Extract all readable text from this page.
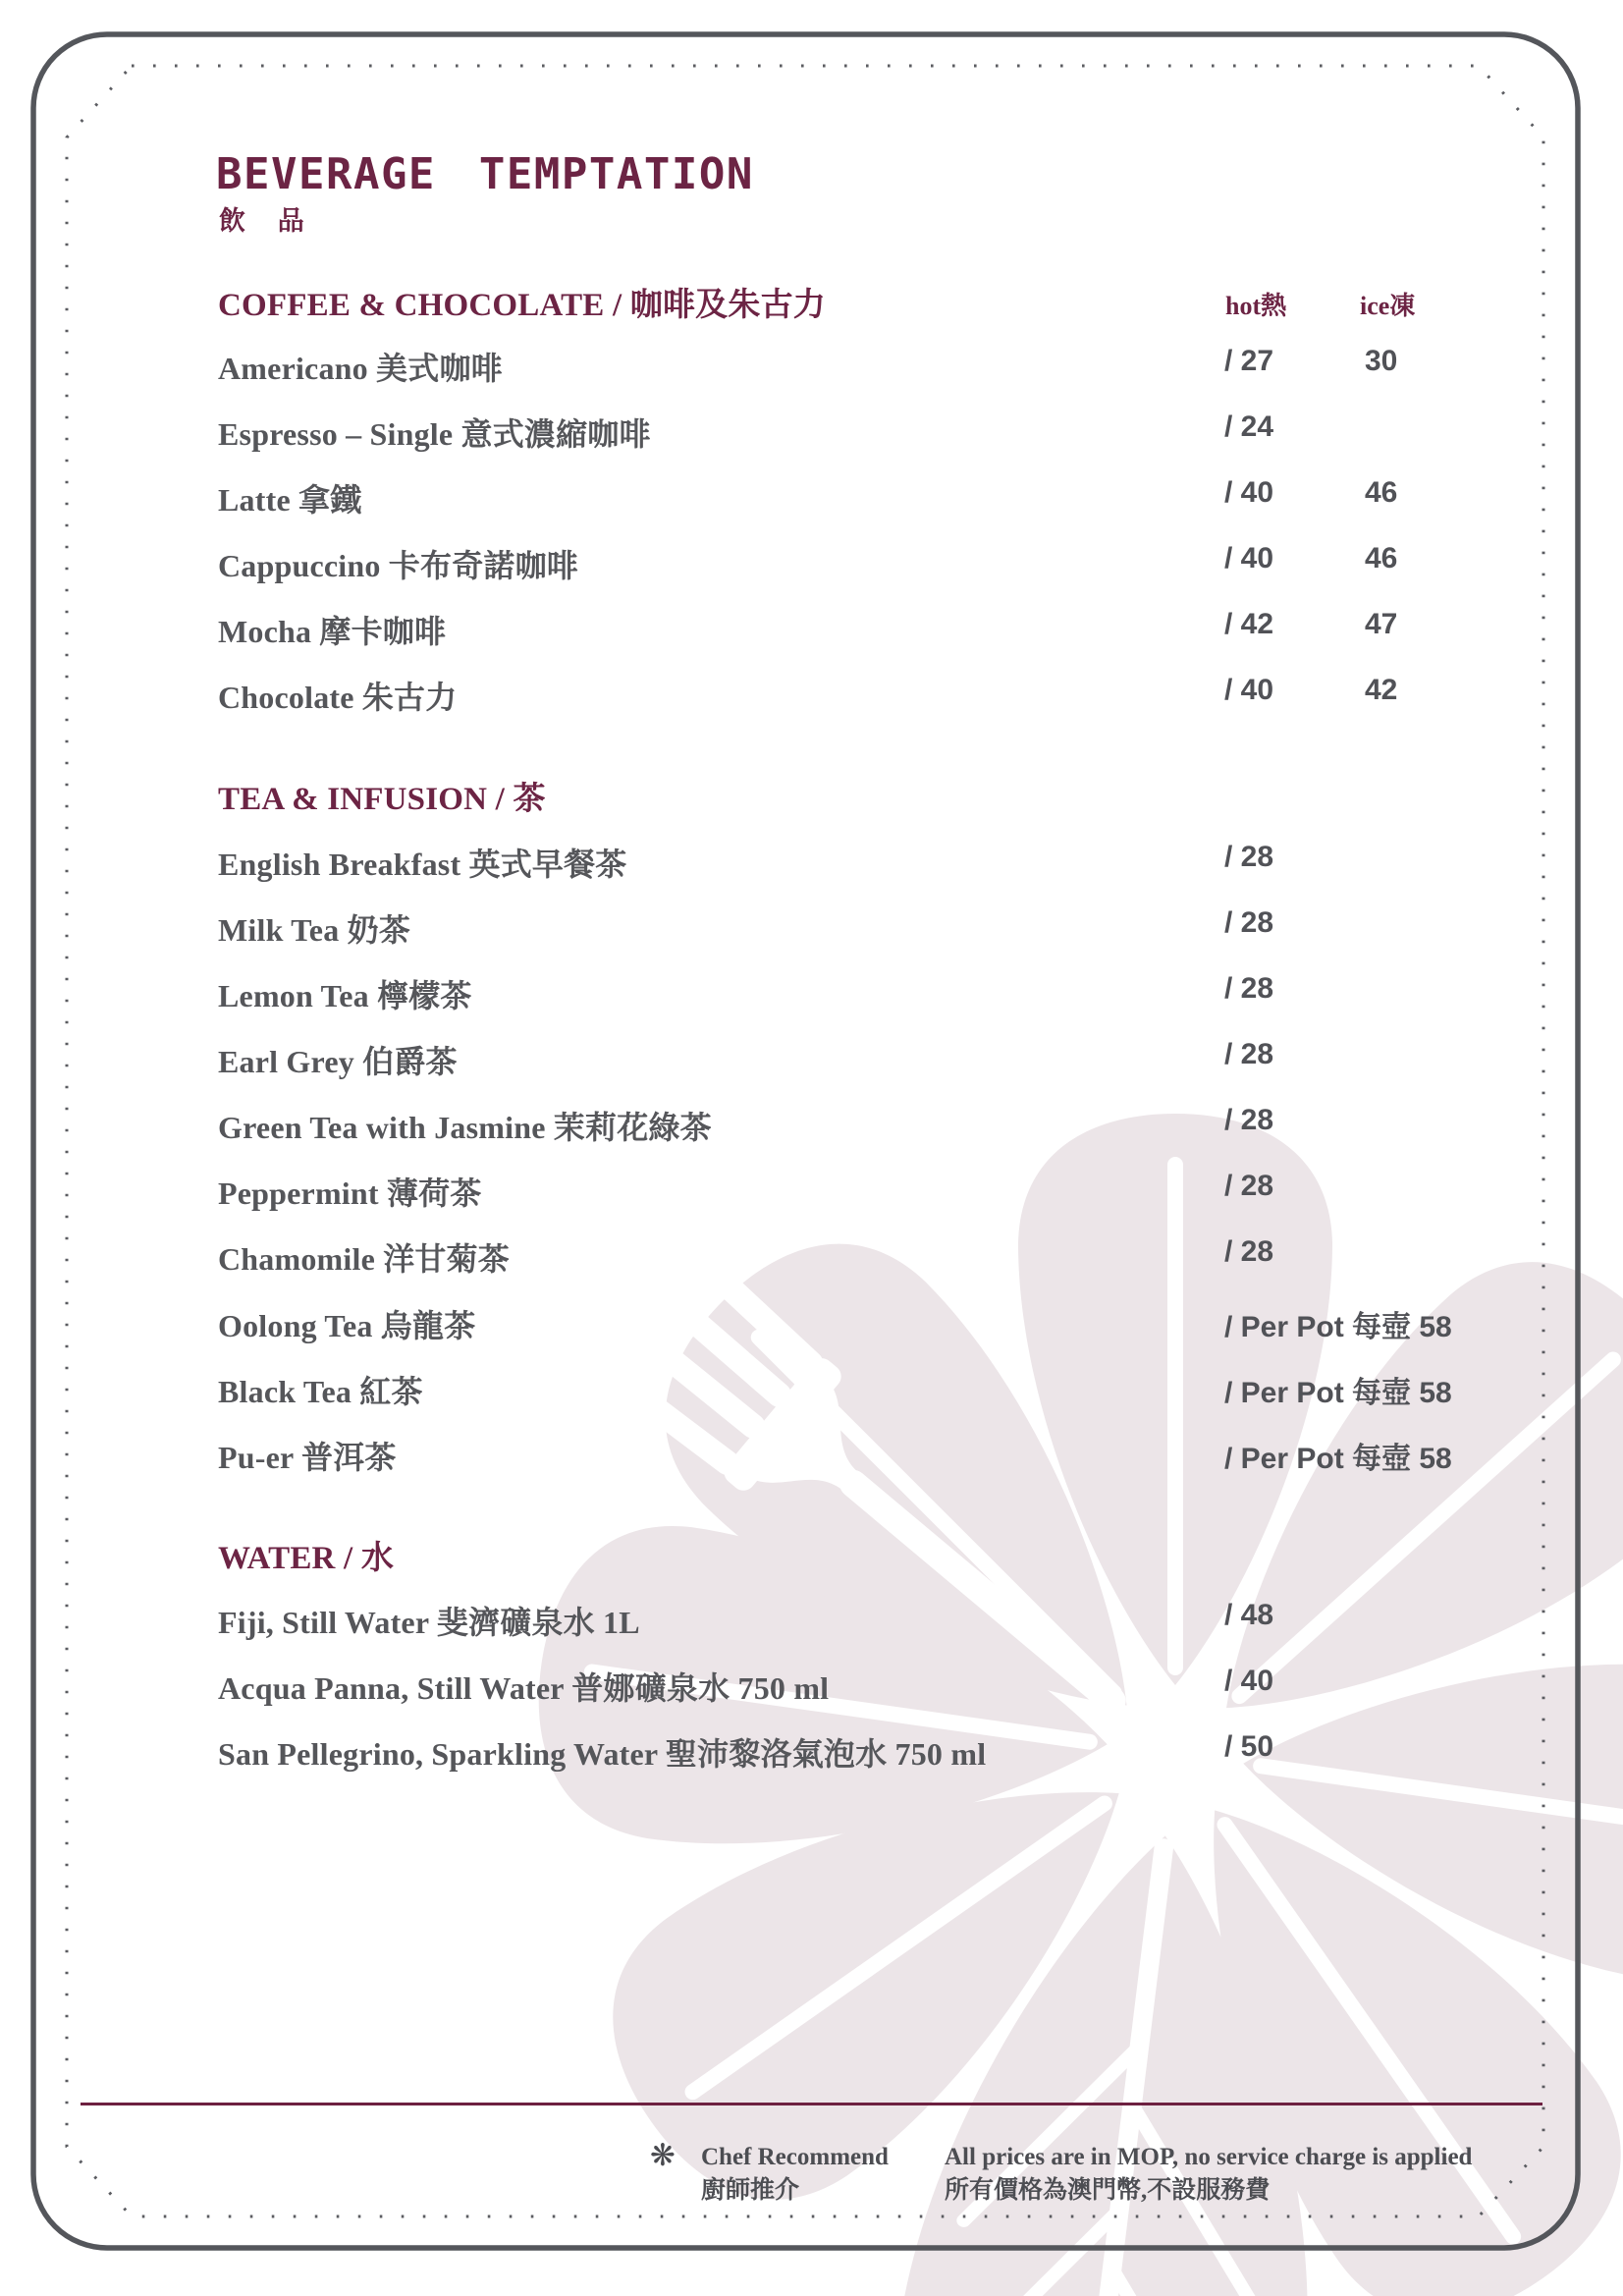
BEVERAGE TEMPTATION
飲 品
COFFEE & CHOCOLATE / 咖啡及朱古力	hot熱	ice凍
Americano 美式咖啡	/ 27	30
Espresso – Single 意式濃縮咖啡	/ 24
Latte 拿鐵	/ 40	46
Cappuccino 卡布奇諾咖啡	/ 40	46
Mocha 摩卡咖啡	/ 42	47
Chocolate 朱古力	/ 40	42
TEA & INFUSION / 茶
English Breakfast 英式早餐茶	/ 28
Milk Tea 奶茶	/ 28
Lemon Tea 檸檬茶	/ 28
Earl Grey 伯爵茶	/ 28
Green Tea with Jasmine 茉莉花綠茶	/ 28
Peppermint 薄荷茶	/ 28
Chamomile 洋甘菊茶	/ 28
Oolong Tea 烏龍茶	/ Per Pot 每壺 58
Black Tea 紅茶	/ Per Pot 每壺 58
Pu-er 普洱茶	/ Per Pot 每壺 58
WATER / 水
Fiji, Still Water 斐濟礦泉水 1L	/ 48
Acqua Panna, Still Water 普娜礦泉水 750 ml	/ 40
San Pellegrino, Sparkling Water 聖沛黎洛氣泡水 750 ml	/ 50
❋ Chef Recommend
廚師推介
All prices are in MOP, no service charge is applied
所有價格為澳門幣,不設服務費
